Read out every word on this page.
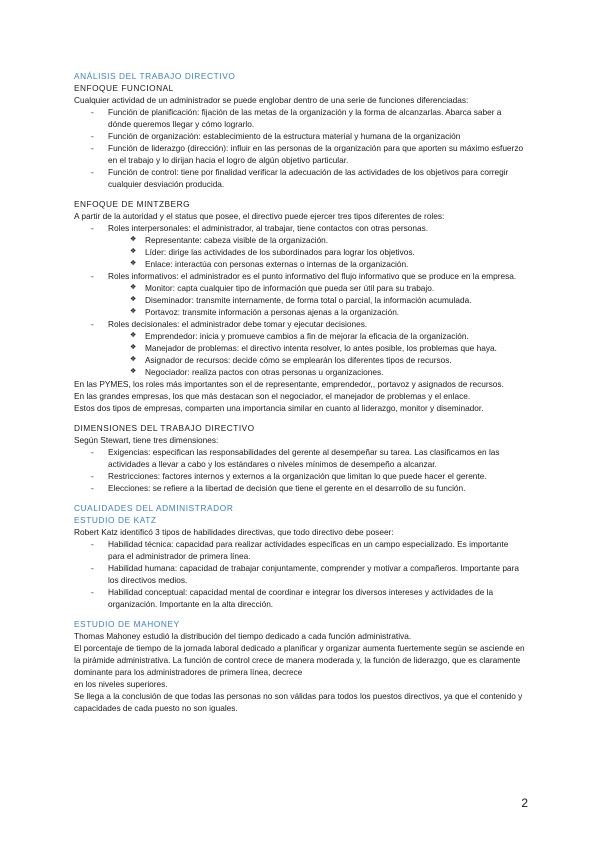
ANÁLISIS DEL TRABAJO DIRECTIVO
ENFOQUE FUNCIONAL
Cualquier actividad de un administrador se puede englobar dentro de una serie de funciones diferenciadas:
- Función de planificación: fijación de las metas de la organización y la forma de alcanzarlas. Abarca saber a dónde queremos llegar y cómo lograrlo.
- Función de organización: establecimiento de la estructura material y humana de la organización
- Función de liderazgo (dirección): influir en las personas de la organización para que aporten su máximo esfuerzo en el trabajo y lo dirijan hacia el logro de algún objetivo particular.
- Función de control: tiene por finalidad verificar la adecuación de las actividades de los objetivos para corregir cualquier desviación producida.
ENFOQUE DE MINTZBERG
A partir de la autoridad y el status que posee, el directivo puede ejercer tres tipos diferentes de roles:
- Roles interpersonales: el administrador, al trabajar, tiene contactos con otras personas.
❖ Representante: cabeza visible de la organización.
❖ Líder: dirige las actividades de los subordinados para lograr los objetivos.
❖ Enlace: interactúa con personas externas o internas de la organización.
- Roles informativos: el administrador es el punto informativo del flujo informativo que se produce en la empresa.
❖ Monitor: capta cualquier tipo de información que pueda ser útil para su trabajo.
❖ Diseminador: transmite internamente, de forma total o parcial, la información acumulada.
❖ Portavoz: transmite información a personas ajenas a la organización.
- Roles decisionales: el administrador debe tomar y ejecutar decisiones.
❖ Emprendedor: inicia y promueve cambios a fin de mejorar la eficacia de la organización.
❖ Manejador de problemas: el directivo intenta resolver, lo antes posible, los problemas que haya.
❖ Asignador de recursos: decide cómo se emplearán los diferentes tipos de recursos.
❖ Negociador: realiza pactos con otras personas u organizaciones.
En las PYMES, los roles más importantes son el de representante, emprendedor,, portavoz y asignados de recursos.
En las grandes empresas, los que más destacan son el negociador, el manejador de problemas y el enlace.
Estos dos tipos de empresas, comparten una importancia similar en cuanto al liderazgo, monitor y diseminador.
DIMENSIONES DEL TRABAJO DIRECTIVO
Según Stewart, tiene tres dimensiones:
- Exigencias: especifican las responsabilidades del gerente al desempeñar su tarea. Las clasificamos en las actividades a llevar a cabo y los estándares o niveles mínimos de desempeño a alcanzar.
- Restricciones: factores internos y externos a la organización que limitan lo que puede hacer el gerente.
- Elecciones: se refiere a la libertad de decisión que tiene el gerente en el desarrollo de su función.
CUALIDADES DEL ADMINISTRADOR
ESTUDIO DE KATZ
Robert Katz identificó 3 tipos de habilidades directivas, que todo directivo debe poseer:
- Habilidad técnica: capacidad para realizar actividades específicas en un campo especializado. Es importante para el administrador de primera línea.
- Habilidad humana: capacidad de trabajar conjuntamente, comprender y motivar a compañeros. Importante para los directivos medios.
- Habilidad conceptual: capacidad mental de coordinar e integrar los diversos intereses y actividades de la organización. Importante en la alta dirección.
ESTUDIO DE MAHONEY
Thomas Mahoney estudió la distribución del tiempo dedicado a cada función administrativa.
El porcentaje de tiempo de la jornada laboral dedicado a planificar y organizar aumenta fuertemente según se asciende en la pirámide administrativa. La función de control crece de manera moderada y, la función de liderazgo, que es claramente dominante para los administradores de primera línea, decrece
en los niveles superiores.
Se llega a la conclusión de que todas las personas no son válidas para todos los puestos directivos, ya que el contenido y capacidades de cada puesto no son iguales.
2
